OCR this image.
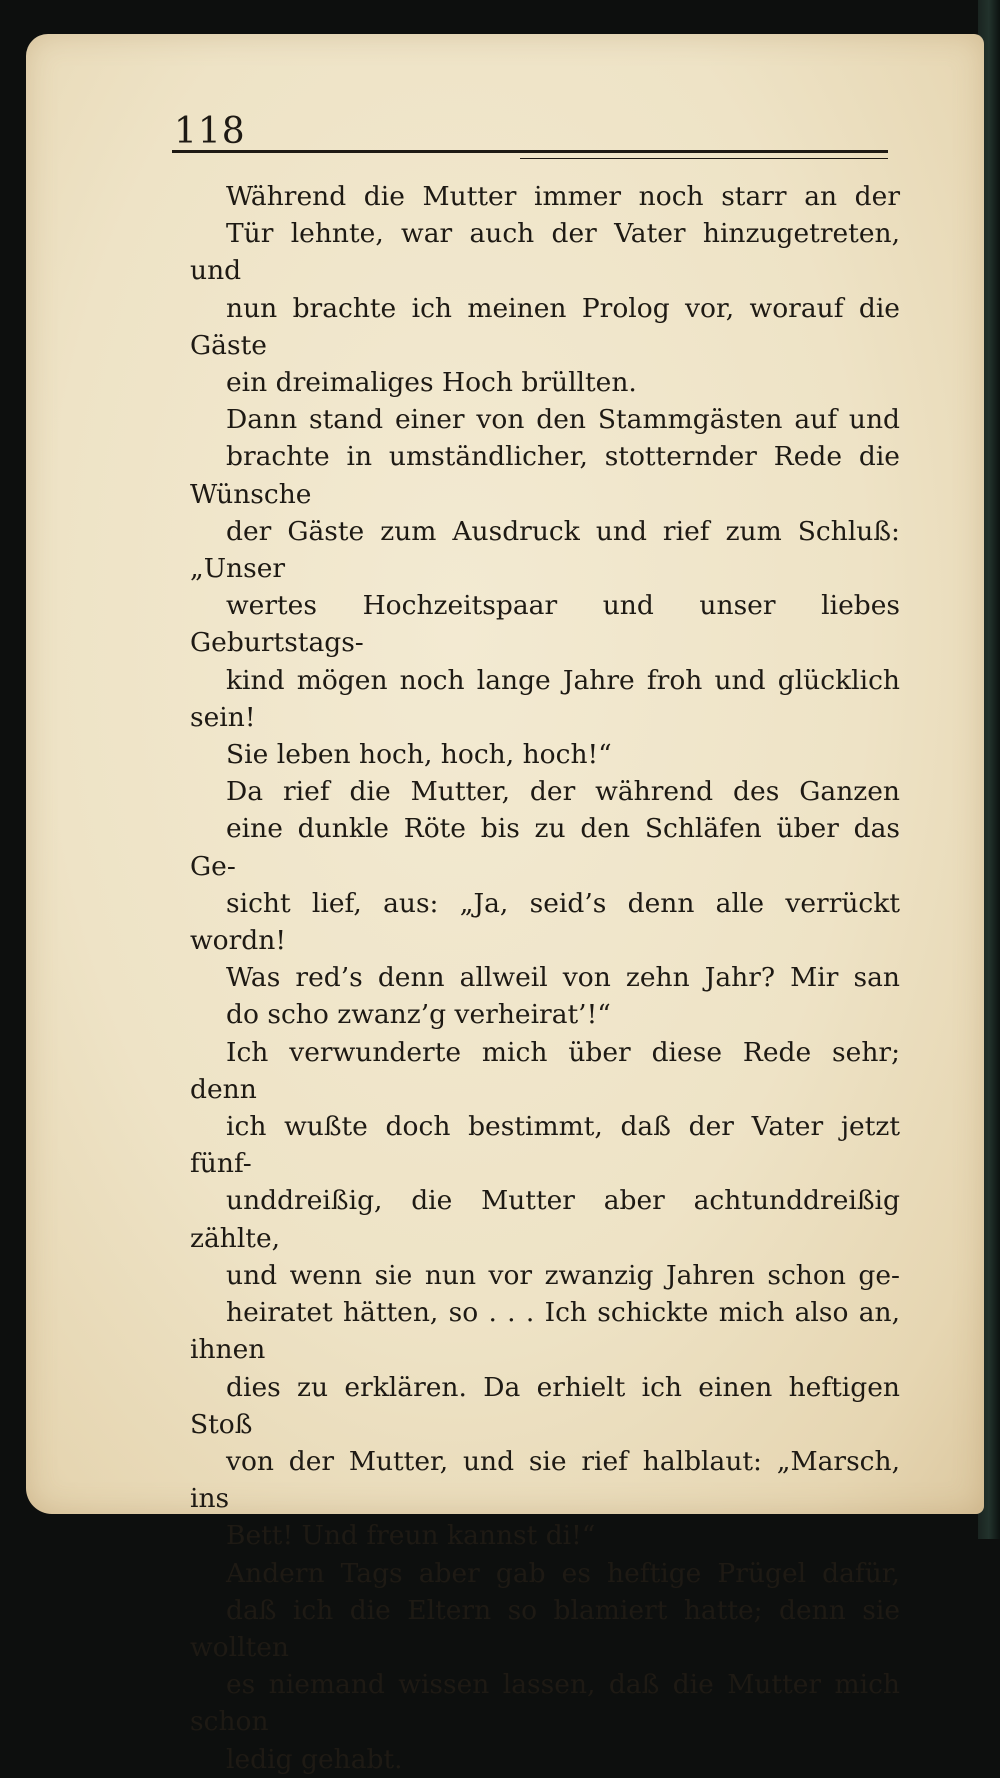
118

Während die Mutter immer noch starr an der
Tür lehnte, war auch der Vater hinzugetreten, und
nun brachte ich meinen Prolog vor, worauf die Gäste
ein dreimaliges Hoch brüllten.

Dann stand einer von den Stammgästen auf und
brachte in umständlicher, stotternder Rede die Wünsche
der Gäste zum Ausdruck und rief zum Schluß: „Unser
wertes Hochzeitspaar und unser liebes Geburtstags-
kind mögen noch lange Jahre froh und glücklich sein!
Sie leben hoch, hoch, hoch!“

Da rief die Mutter, der während des Ganzen
eine dunkle Röte bis zu den Schläfen über das Ge-
sicht lief, aus: „Ja, seid’s denn alle verrückt wordn!
Was red’s denn allweil von zehn Jahr? Mir san
do scho zwanz’g verheirat’!“

Ich verwunderte mich über diese Rede sehr; denn
ich wußte doch bestimmt, daß der Vater jetzt fünf-
unddreißig, die Mutter aber achtunddreißig zählte,
und wenn sie nun vor zwanzig Jahren schon ge-
heiratet hätten, so . . . Ich schickte mich also an, ihnen
dies zu erklären. Da erhielt ich einen heftigen Stoß
von der Mutter, und sie rief halblaut: „Marsch, ins
Bett! Und freun kannst di!“

Andern Tags aber gab es heftige Prügel dafür,
daß ich die Eltern so blamiert hatte; denn sie wollten
es niemand wissen lassen, daß die Mutter mich schon
ledig gehabt.
